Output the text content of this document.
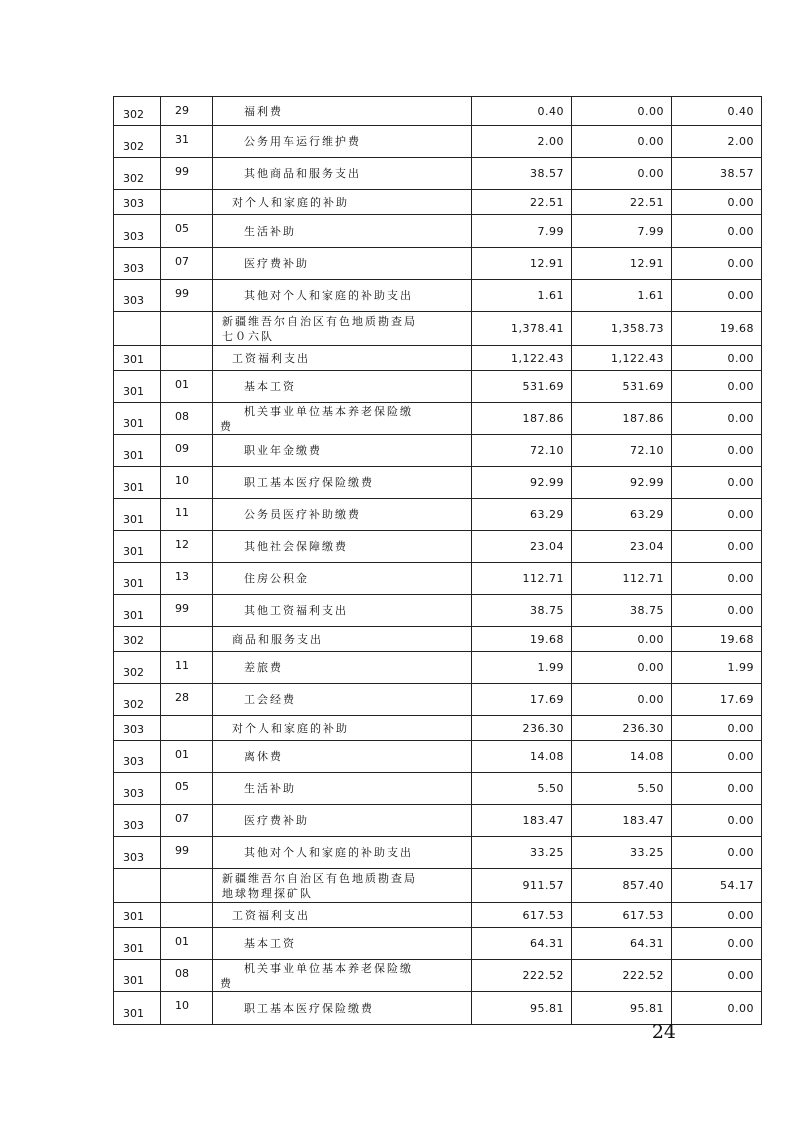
302	29	福利费	0.40	0.00	0.40
302	31	公务用车运行维护费	2.00	0.00	2.00
302	99	其他商品和服务支出	38.57	0.00	38.57
303		对个人和家庭的补助	22.51	22.51	0.00
303	05	生活补助	7.99	7.99	0.00
303	07	医疗费补助	12.91	12.91	0.00
303	99	其他对个人和家庭的补助支出	1.61	1.61	0.00
		新疆维吾尔自治区有色地质勘查局
七０六队	1,378.41	1,358.73	19.68
301		工资福利支出	1,122.43	1,122.43	0.00
301	01	基本工资	531.69	531.69	0.00
301	08	机关事业单位基本养老保险缴
费	187.86	187.86	0.00
301	09	职业年金缴费	72.10	72.10	0.00
301	10	职工基本医疗保险缴费	92.99	92.99	0.00
301	11	公务员医疗补助缴费	63.29	63.29	0.00
301	12	其他社会保障缴费	23.04	23.04	0.00
301	13	住房公积金	112.71	112.71	0.00
301	99	其他工资福利支出	38.75	38.75	0.00
302		商品和服务支出	19.68	0.00	19.68
302	11	差旅费	1.99	0.00	1.99
302	28	工会经费	17.69	0.00	17.69
303		对个人和家庭的补助	236.30	236.30	0.00
303	01	离休费	14.08	14.08	0.00
303	05	生活补助	5.50	5.50	0.00
303	07	医疗费补助	183.47	183.47	0.00
303	99	其他对个人和家庭的补助支出	33.25	33.25	0.00
		新疆维吾尔自治区有色地质勘查局
地球物理探矿队	911.57	857.40	54.17
301		工资福利支出	617.53	617.53	0.00
301	01	基本工资	64.31	64.31	0.00
301	08	机关事业单位基本养老保险缴
费	222.52	222.52	0.00
301	10	职工基本医疗保险缴费	95.81	95.81	0.00
24
